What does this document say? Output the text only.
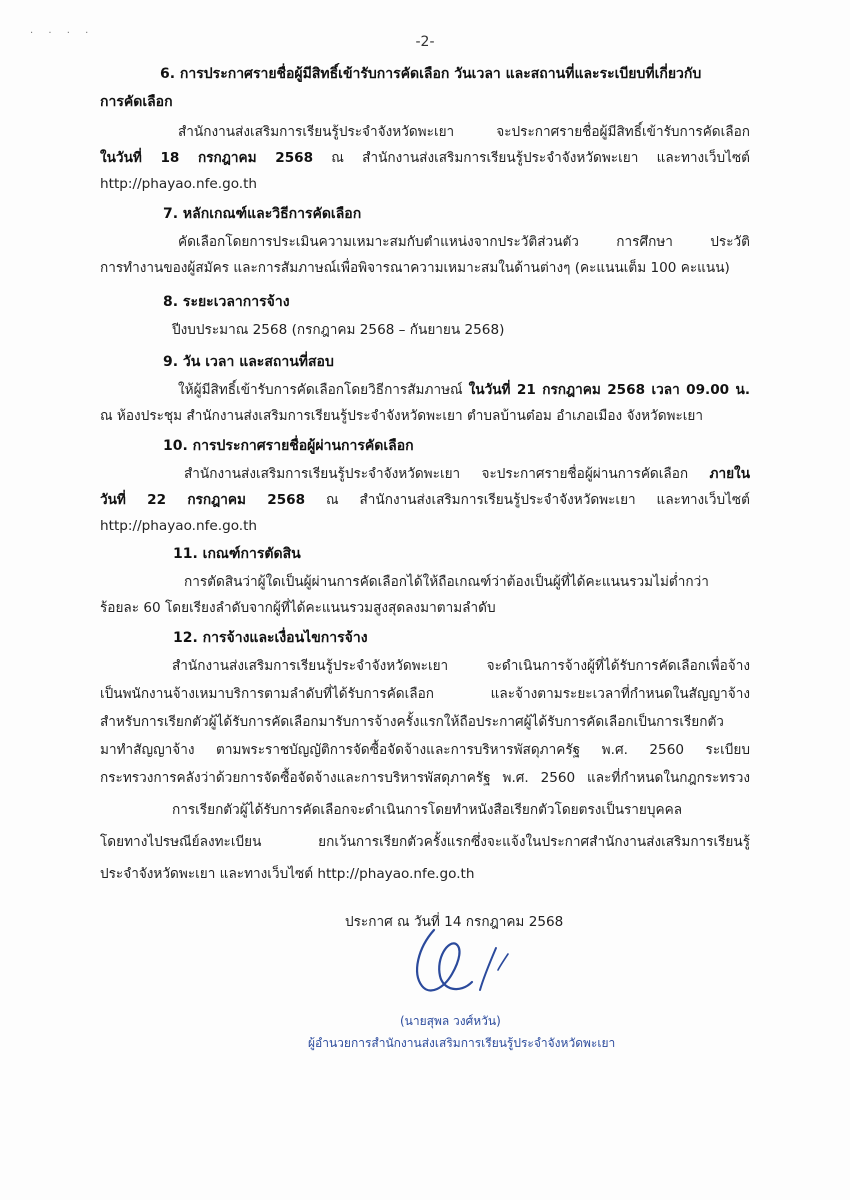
· · · ·
-2-
6. การประกาศรายชื่อผู้มีสิทธิ์เข้ารับการคัดเลือก วันเวลา และสถานที่และระเบียบที่เกี่ยวกับ
การคัดเลือก
สำนักงานส่งเสริมการเรียนรู้ประจำจังหวัดพะเยา จะประกาศรายชื่อผู้มีสิทธิ์เข้ารับการคัดเลือก
ในวันที่ 18 กรกฎาคม 2568 ณ สำนักงานส่งเสริมการเรียนรู้ประจำจังหวัดพะเยา และทางเว็บไซต์
http://phayao.nfe.go.th
7. หลักเกณฑ์และวิธีการคัดเลือก
คัดเลือกโดยการประเมินความเหมาะสมกับตำแหน่งจากประวัติส่วนตัว การศึกษา ประวัติ
การทำงานของผู้สมัคร และการสัมภาษณ์เพื่อพิจารณาความเหมาะสมในด้านต่างๆ (คะแนนเต็ม 100 คะแนน)
8. ระยะเวลาการจ้าง
ปีงบประมาณ 2568 (กรกฎาคม 2568 – กันยายน 2568)
9. วัน เวลา และสถานที่สอบ
ให้ผู้มีสิทธิ์เข้ารับการคัดเลือกโดยวิธีการสัมภาษณ์ ในวันที่ 21 กรกฎาคม 2568 เวลา 09.00 น.
ณ ห้องประชุม สำนักงานส่งเสริมการเรียนรู้ประจำจังหวัดพะเยา ตำบลบ้านต๋อม อำเภอเมือง จังหวัดพะเยา
10. การประกาศรายชื่อผู้ผ่านการคัดเลือก
สำนักงานส่งเสริมการเรียนรู้ประจำจังหวัดพะเยา จะประกาศรายชื่อผู้ผ่านการคัดเลือก ภายใน
วันที่ 22 กรกฎาคม 2568 ณ สำนักงานส่งเสริมการเรียนรู้ประจำจังหวัดพะเยา และทางเว็บไซต์
http://phayao.nfe.go.th
11. เกณฑ์การตัดสิน
การตัดสินว่าผู้ใดเป็นผู้ผ่านการคัดเลือกได้ให้ถือเกณฑ์ว่าต้องเป็นผู้ที่ได้คะแนนรวมไม่ต่ำกว่า
ร้อยละ 60 โดยเรียงลำดับจากผู้ที่ได้คะแนนรวมสูงสุดลงมาตามลำดับ
12. การจ้างและเงื่อนไขการจ้าง
สำนักงานส่งเสริมการเรียนรู้ประจำจังหวัดพะเยา จะดำเนินการจ้างผู้ที่ได้รับการคัดเลือกเพื่อจ้าง
เป็นพนักงานจ้างเหมาบริการตามลำดับที่ได้รับการคัดเลือก และจ้างตามระยะเวลาที่กำหนดในสัญญาจ้าง
สำหรับการเรียกตัวผู้ได้รับการคัดเลือกมารับการจ้างครั้งแรกให้ถือประกาศผู้ได้รับการคัดเลือกเป็นการเรียกตัว
มาทำสัญญาจ้าง ตามพระราชบัญญัติการจัดซื้อจัดจ้างและการบริหารพัสดุภาครัฐ พ.ศ. 2560 ระเบียบ
กระทรวงการคลังว่าด้วยการจัดซื้อจัดจ้างและการบริหารพัสดุภาครัฐ พ.ศ. 2560 และที่กำหนดในกฎกระทรวง
การเรียกตัวผู้ได้รับการคัดเลือกจะดำเนินการโดยทำหนังสือเรียกตัวโดยตรงเป็นรายบุคคล
โดยทางไปรษณีย์ลงทะเบียน ยกเว้นการเรียกตัวครั้งแรกซึ่งจะแจ้งในประกาศสำนักงานส่งเสริมการเรียนรู้
ประจำจังหวัดพะเยา และทางเว็บไซต์ http://phayao.nfe.go.th
ประกาศ ณ วันที่ 14 กรกฎาคม 2568
(นายสุพล วงศ์หวัน)
ผู้อำนวยการสำนักงานส่งเสริมการเรียนรู้ประจำจังหวัดพะเยา
